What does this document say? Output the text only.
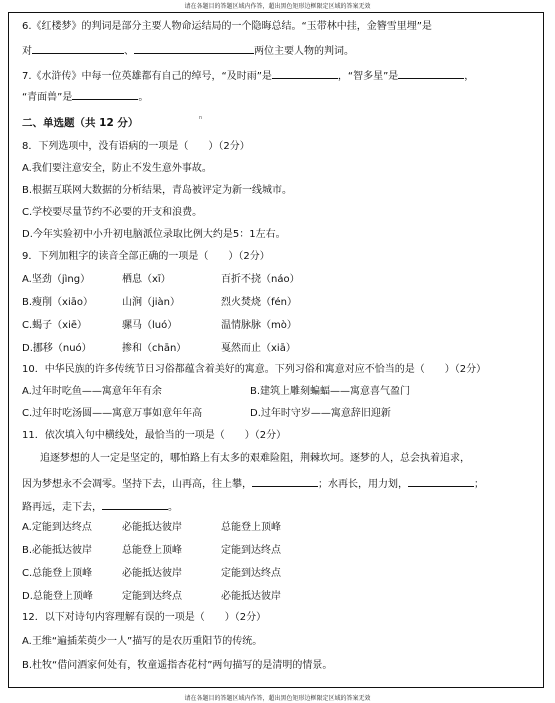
请在各题目的答题区域内作答，超出黑色矩形边框限定区域的答案无效
6.《红楼梦》的判词是部分主要人物命运结局的一个隐晦总结。“玉带林中挂，金簪雪里埋”是
对	、	两位主要人物的判词。
7.《水浒传》中每一位英雄都有自己的绰号，“及时雨”是	，“智多星”是	，
“青面兽”是	。
二、单选题（共 12 分）	n
8．下列选项中，没有语病的一项是（　　）（2分）
A.我们要注意安全，防止不发生意外事故。
B.根据互联网大数据的分析结果，青岛被评定为新一线城市。
C.学校要尽量节约不必要的开支和浪费。
D.今年实验初中小升初电脑派位录取比例大约是5：1左右。
9．下列加粗字的读音全部正确的一项是（　　）（2分）
A.坚劲（jìng）	栖息（xī）	百折不挠（náo）
B.瘦削（xiāo）	山涧（jiàn）	烈火焚烧（fén）
C.蝎子（xiē）	骡马（luó）	温情脉脉（mò）
D.挪移（nuó）	掺和（chān）	戛然而止（xiā）
10．中华民族的许多传统节日习俗都蕴含着美好的寓意。下列习俗和寓意对应不恰当的是（　　）（2分）
A.过年时吃鱼——寓意年年有余	B.建筑上雕刻蝙蝠——寓意喜气盈门
C.过年时吃汤圆——寓意万事如意年年高	D.过年时守岁——寓意辞旧迎新
11．依次填入句中横线处，最恰当的一项是（　　）（2分）
追逐梦想的人一定是坚定的，哪怕路上有太多的艰难险阻，荆棘坎坷。逐梦的人，总会执着追求，
因为梦想永不会凋零。坚持下去，山再高，往上攀，	；水再长，用力划，	；
路再远，走下去，	。
A.定能到达终点	必能抵达彼岸	总能登上顶峰
B.必能抵达彼岸	总能登上顶峰	定能到达终点
C.总能登上顶峰	必能抵达彼岸	定能到达终点
D.总能登上顶峰	定能到达终点	必能抵达彼岸
12．以下对诗句内容理解有误的一项是（　　）（2分）
A.王维“遍插茱萸少一人”描写的是农历重阳节的传统。
B.杜牧“借问酒家何处有，牧童遥指杏花村”两句描写的是清明的情景。
请在各题目的答题区域内作答，超出黑色矩形边框限定区域的答案无效
